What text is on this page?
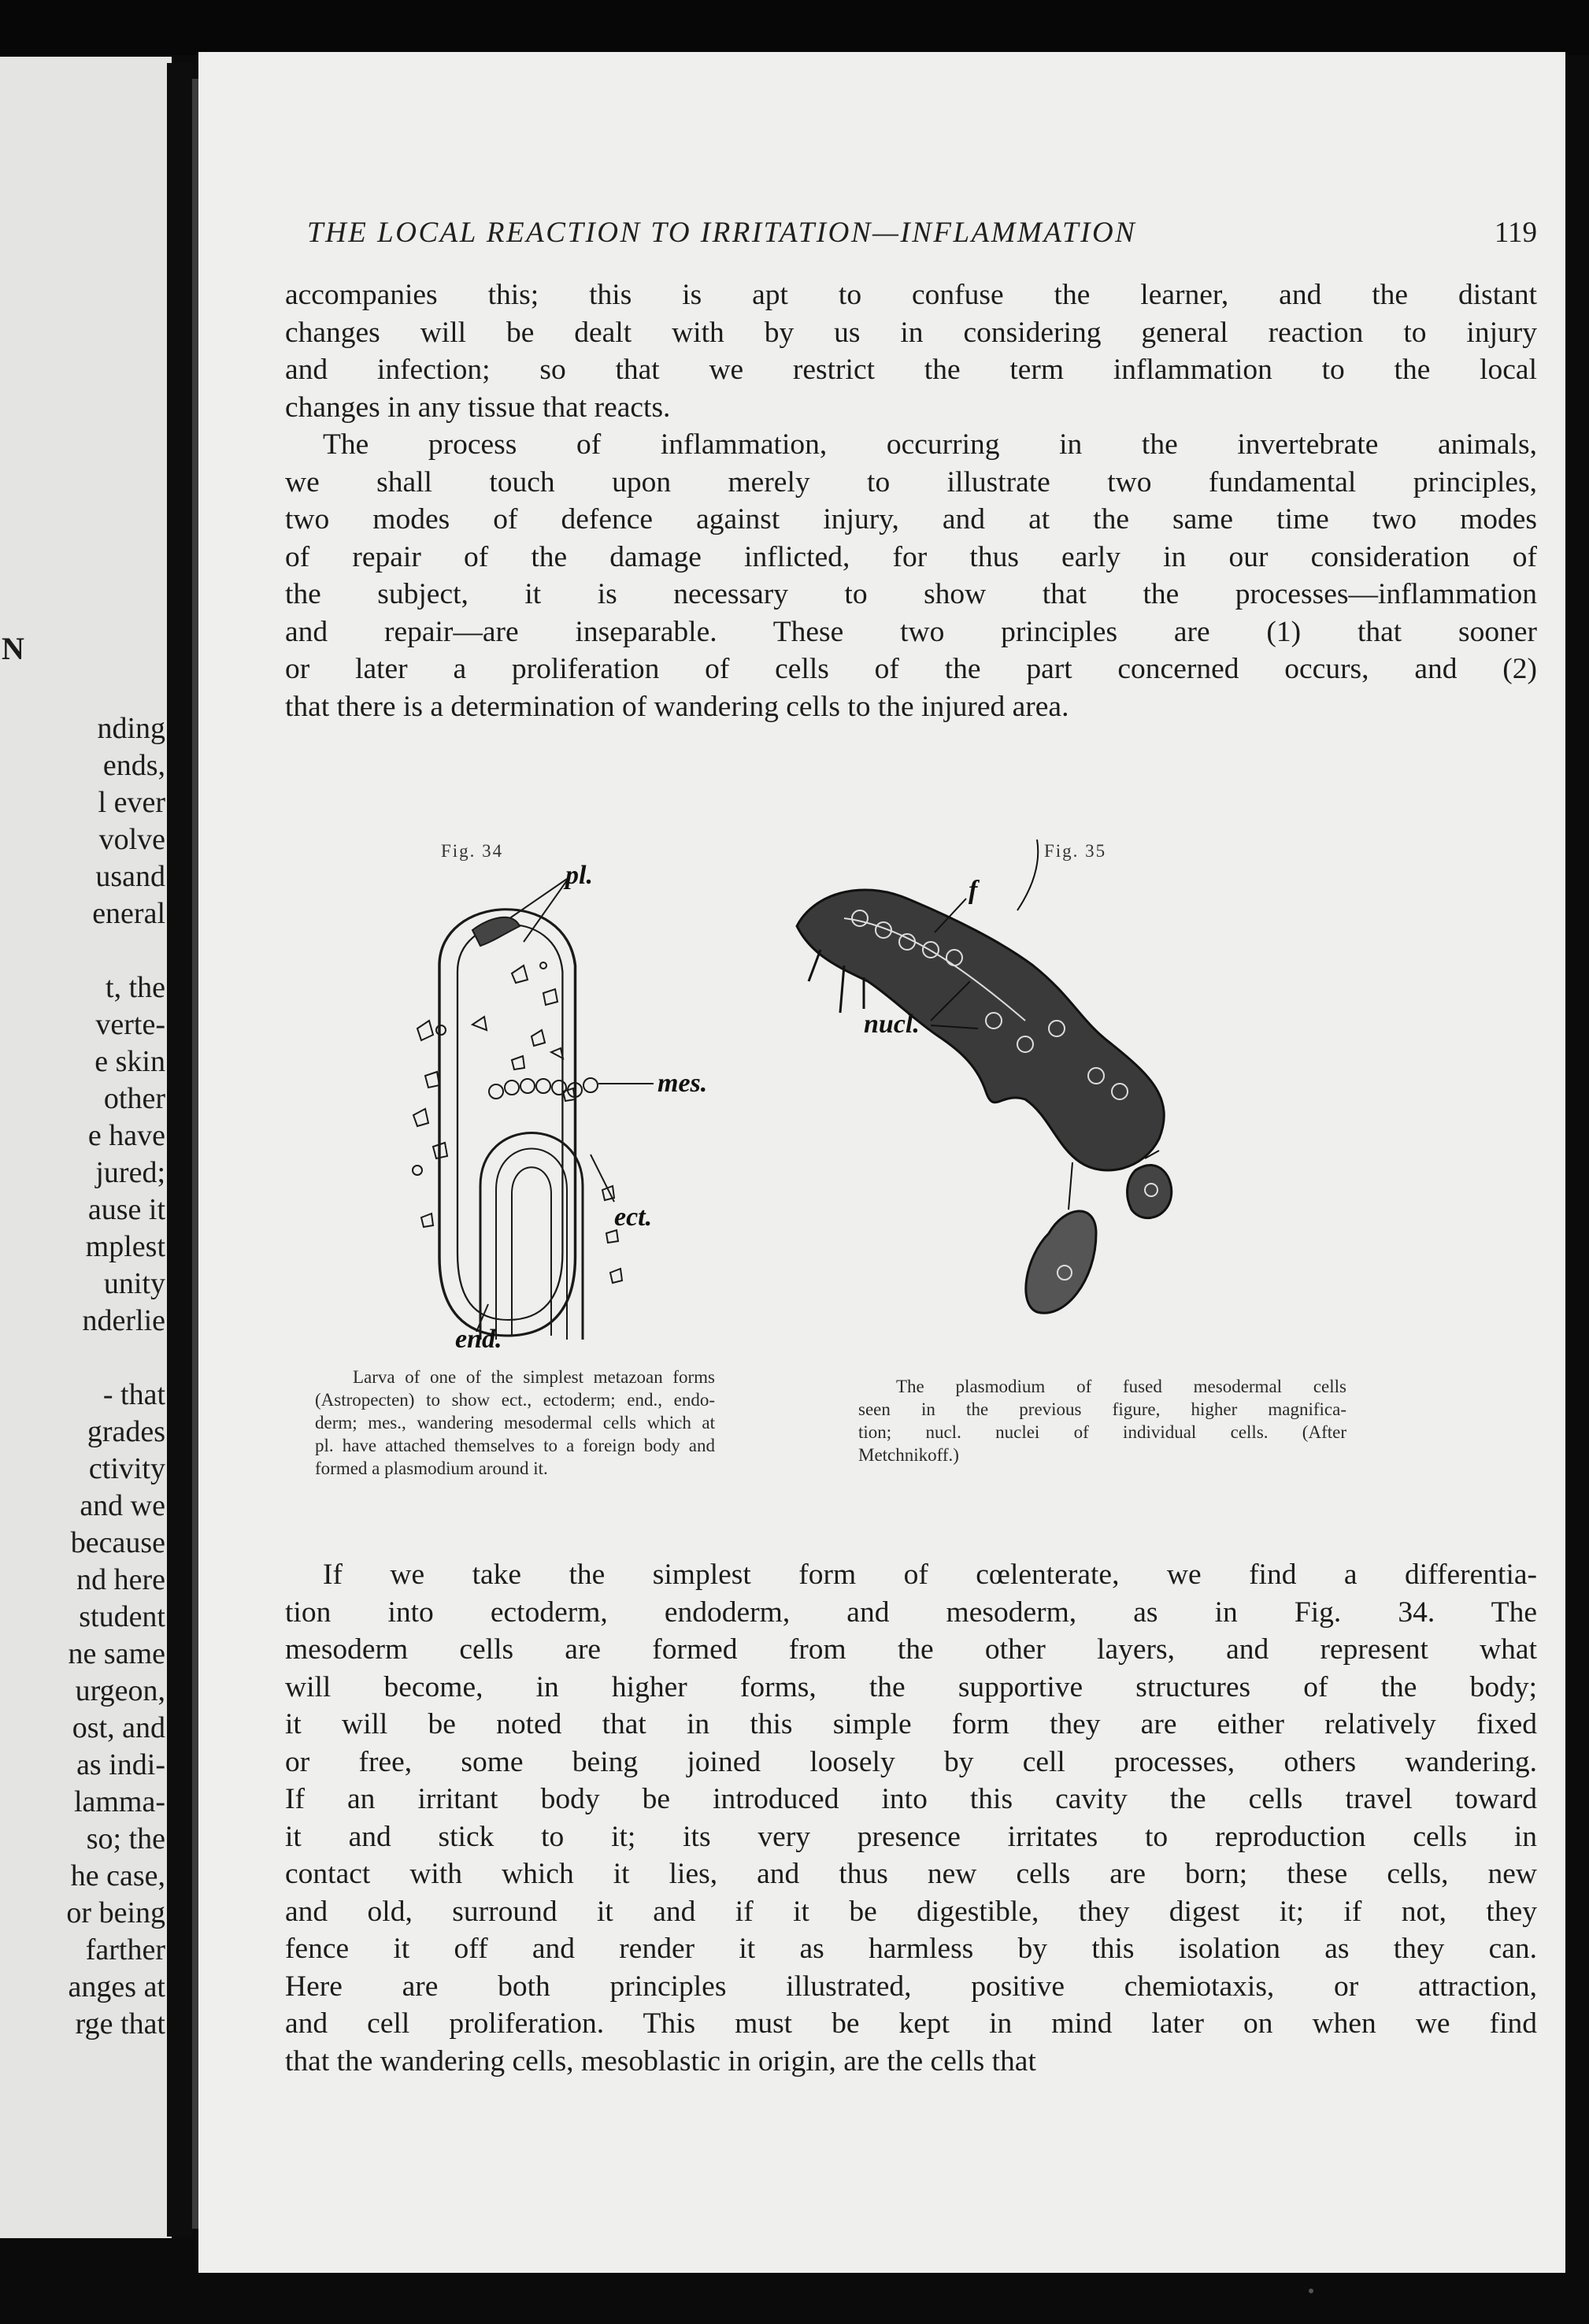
N
nding
ends,
l ever
volve
usand
eneral
t, the
verte-
e skin
other
e have
jured;
ause it
mplest
unity
nderlie
- that
grades
ctivity
and we
because
nd here
student
ne same
urgeon,
ost, and
as indi-
lamma-
so; the
he case,
or being
farther
anges at
rge that
THE LOCAL REACTION TO IRRITATION—INFLAMMATION	119
accompanies this; this is apt to confuse the learner, and the distant
changes will be dealt with by us in considering general reaction to injury
and infection; so that we restrict the term inflammation to the local
changes in any tissue that reacts.
The process of inflammation, occurring in the invertebrate animals,
we shall touch upon merely to illustrate two fundamental principles,
two modes of defence against injury, and at the same time two modes
of repair of the damage inflicted, for thus early in our consideration of
the subject, it is necessary to show that the processes—inflammation
and repair—are inseparable. These two principles are (1) that sooner
or later a proliferation of cells of the part concerned occurs, and (2)
that there is a determination of wandering cells to the injured area.
Fig. 34
pl.
mes.
ect.
end.
Fig. 35
f
nucl.
Larva of one of the simplest metazoan forms
(Astropecten) to show ect., ectoderm; end., endo-
derm; mes., wandering mesodermal cells which at
pl. have attached themselves to a foreign body and
formed a plasmodium around it.
The plasmodium of fused mesodermal cells
seen in the previous figure, higher magnifica-
tion; nucl. nuclei of individual cells. (After
Metchnikoff.)
If we take the simplest form of cœlenterate, we find a differentia-
tion into ectoderm, endoderm, and mesoderm, as in Fig. 34. The
mesoderm cells are formed from the other layers, and represent what
will become, in higher forms, the supportive structures of the body;
it will be noted that in this simple form they are either relatively fixed
or free, some being joined loosely by cell processes, others wandering.
If an irritant body be introduced into this cavity the cells travel toward
it and stick to it; its very presence irritates to reproduction cells in
contact with which it lies, and thus new cells are born; these cells, new
and old, surround it and if it be digestible, they digest it; if not, they
fence it off and render it as harmless by this isolation as they can.
Here are both principles illustrated, positive chemiotaxis, or attraction,
and cell proliferation. This must be kept in mind later on when we find
that the wandering cells, mesoblastic in origin, are the cells that
